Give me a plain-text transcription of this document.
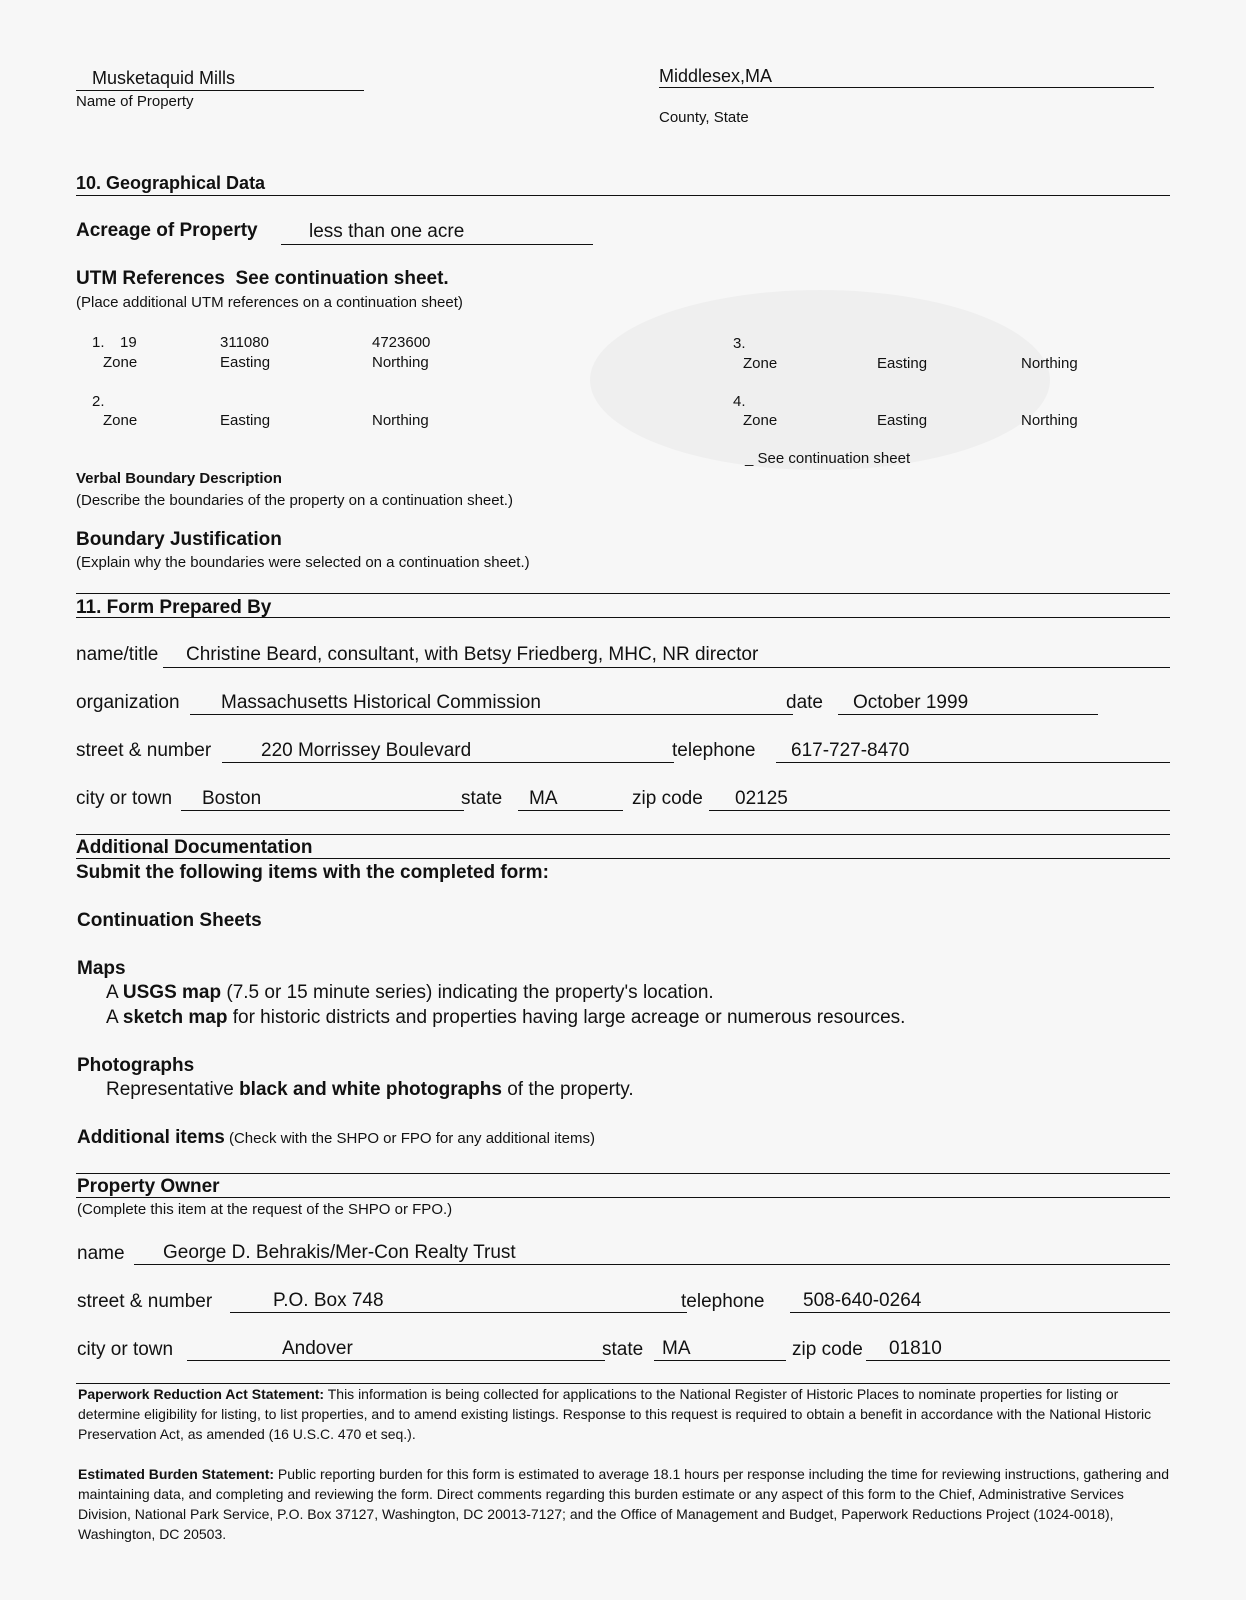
Musketaquid Mills
Name of Property
Middlesex,MA
County, State
10. Geographical Data
Acreage of Property	less than one acre
UTM References See continuation sheet.
(Place additional UTM references on a continuation sheet)
1. 19	311080	4723600
Zone	Easting	Northing
2.
Zone	Easting	Northing
3.
Zone	Easting	Northing
4.
Zone	Easting	Northing
_ See continuation sheet
Verbal Boundary Description
(Describe the boundaries of the property on a continuation sheet.)
Boundary Justification
(Explain why the boundaries were selected on a continuation sheet.)
11. Form Prepared By
name/title Christine Beard, consultant, with Betsy Friedberg, MHC, NR director
organization Massachusetts Historical Commission	date October 1999
street & number	220 Morrissey Boulevard	telephone 617-727-8470
city or town Boston	state MA	zip code 02125
Additional Documentation
Submit the following items with the completed form:
Continuation Sheets
Maps
A USGS map (7.5 or 15 minute series) indicating the property's location.
A sketch map for historic districts and properties having large acreage or numerous resources.
Photographs
Representative black and white photographs of the property.
Additional items (Check with the SHPO or FPO for any additional items)
Property Owner
(Complete this item at the request of the SHPO or FPO.)
name George D. Behrakis/Mer-Con Realty Trust
street & number	P.O. Box 748	telephone 508-640-0264
city or town	Andover	state MA	zip code 01810
Paperwork Reduction Act Statement: This information is being collected for applications to the National Register of Historic Places to nominate properties for listing or determine eligibility for listing, to list properties, and to amend existing listings. Response to this request is required to obtain a benefit in accordance with the National Historic Preservation Act, as amended (16 U.S.C. 470 et seq.).
Estimated Burden Statement: Public reporting burden for this form is estimated to average 18.1 hours per response including the time for reviewing instructions, gathering and maintaining data, and completing and reviewing the form. Direct comments regarding this burden estimate or any aspect of this form to the Chief, Administrative Services Division, National Park Service, P.O. Box 37127, Washington, DC 20013-7127; and the Office of Management and Budget, Paperwork Reductions Project (1024-0018), Washington, DC 20503.
